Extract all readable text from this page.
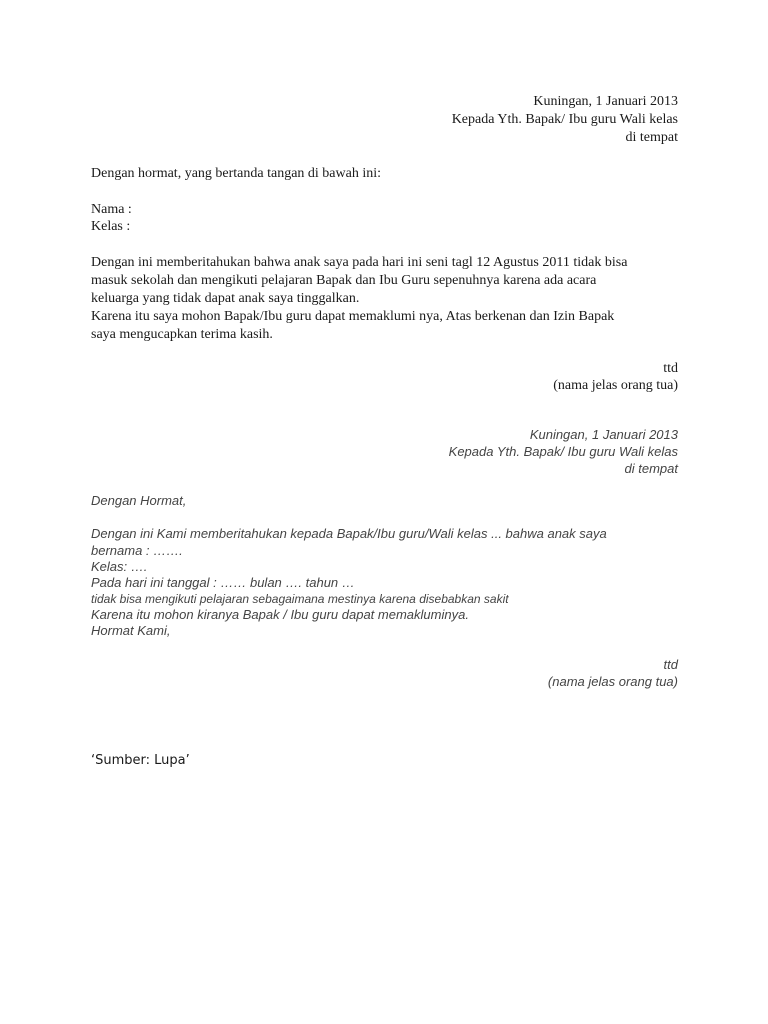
Kuningan, 1 Januari 2013
Kepada Yth. Bapak/ Ibu guru Wali kelas
di tempat
Dengan hormat, yang bertanda tangan di bawah ini:
Nama :
Kelas :
Dengan ini memberitahukan bahwa anak saya pada hari ini seni tagl 12 Agustus 2011 tidak bisa
masuk sekolah dan mengikuti pelajaran Bapak dan Ibu Guru sepenuhnya karena ada acara
keluarga yang tidak dapat anak saya tinggalkan.
Karena itu saya mohon Bapak/Ibu guru dapat memaklumi nya, Atas berkenan dan Izin Bapak
saya mengucapkan terima kasih.
ttd
(nama jelas orang tua)
Kuningan, 1 Januari 2013
Kepada Yth. Bapak/ Ibu guru Wali kelas
di tempat
Dengan Hormat,
Dengan ini Kami memberitahukan kepada Bapak/Ibu guru/Wali kelas ... bahwa anak saya
bernama : …….
Kelas: ….
Pada hari ini tanggal : …… bulan …. tahun …
tidak bisa mengikuti pelajaran sebagaimana mestinya karena disebabkan sakit
Karena itu mohon kiranya Bapak / Ibu guru dapat memakluminya.
Hormat Kami,
ttd
(nama jelas orang tua)
‘Sumber: Lupa’
